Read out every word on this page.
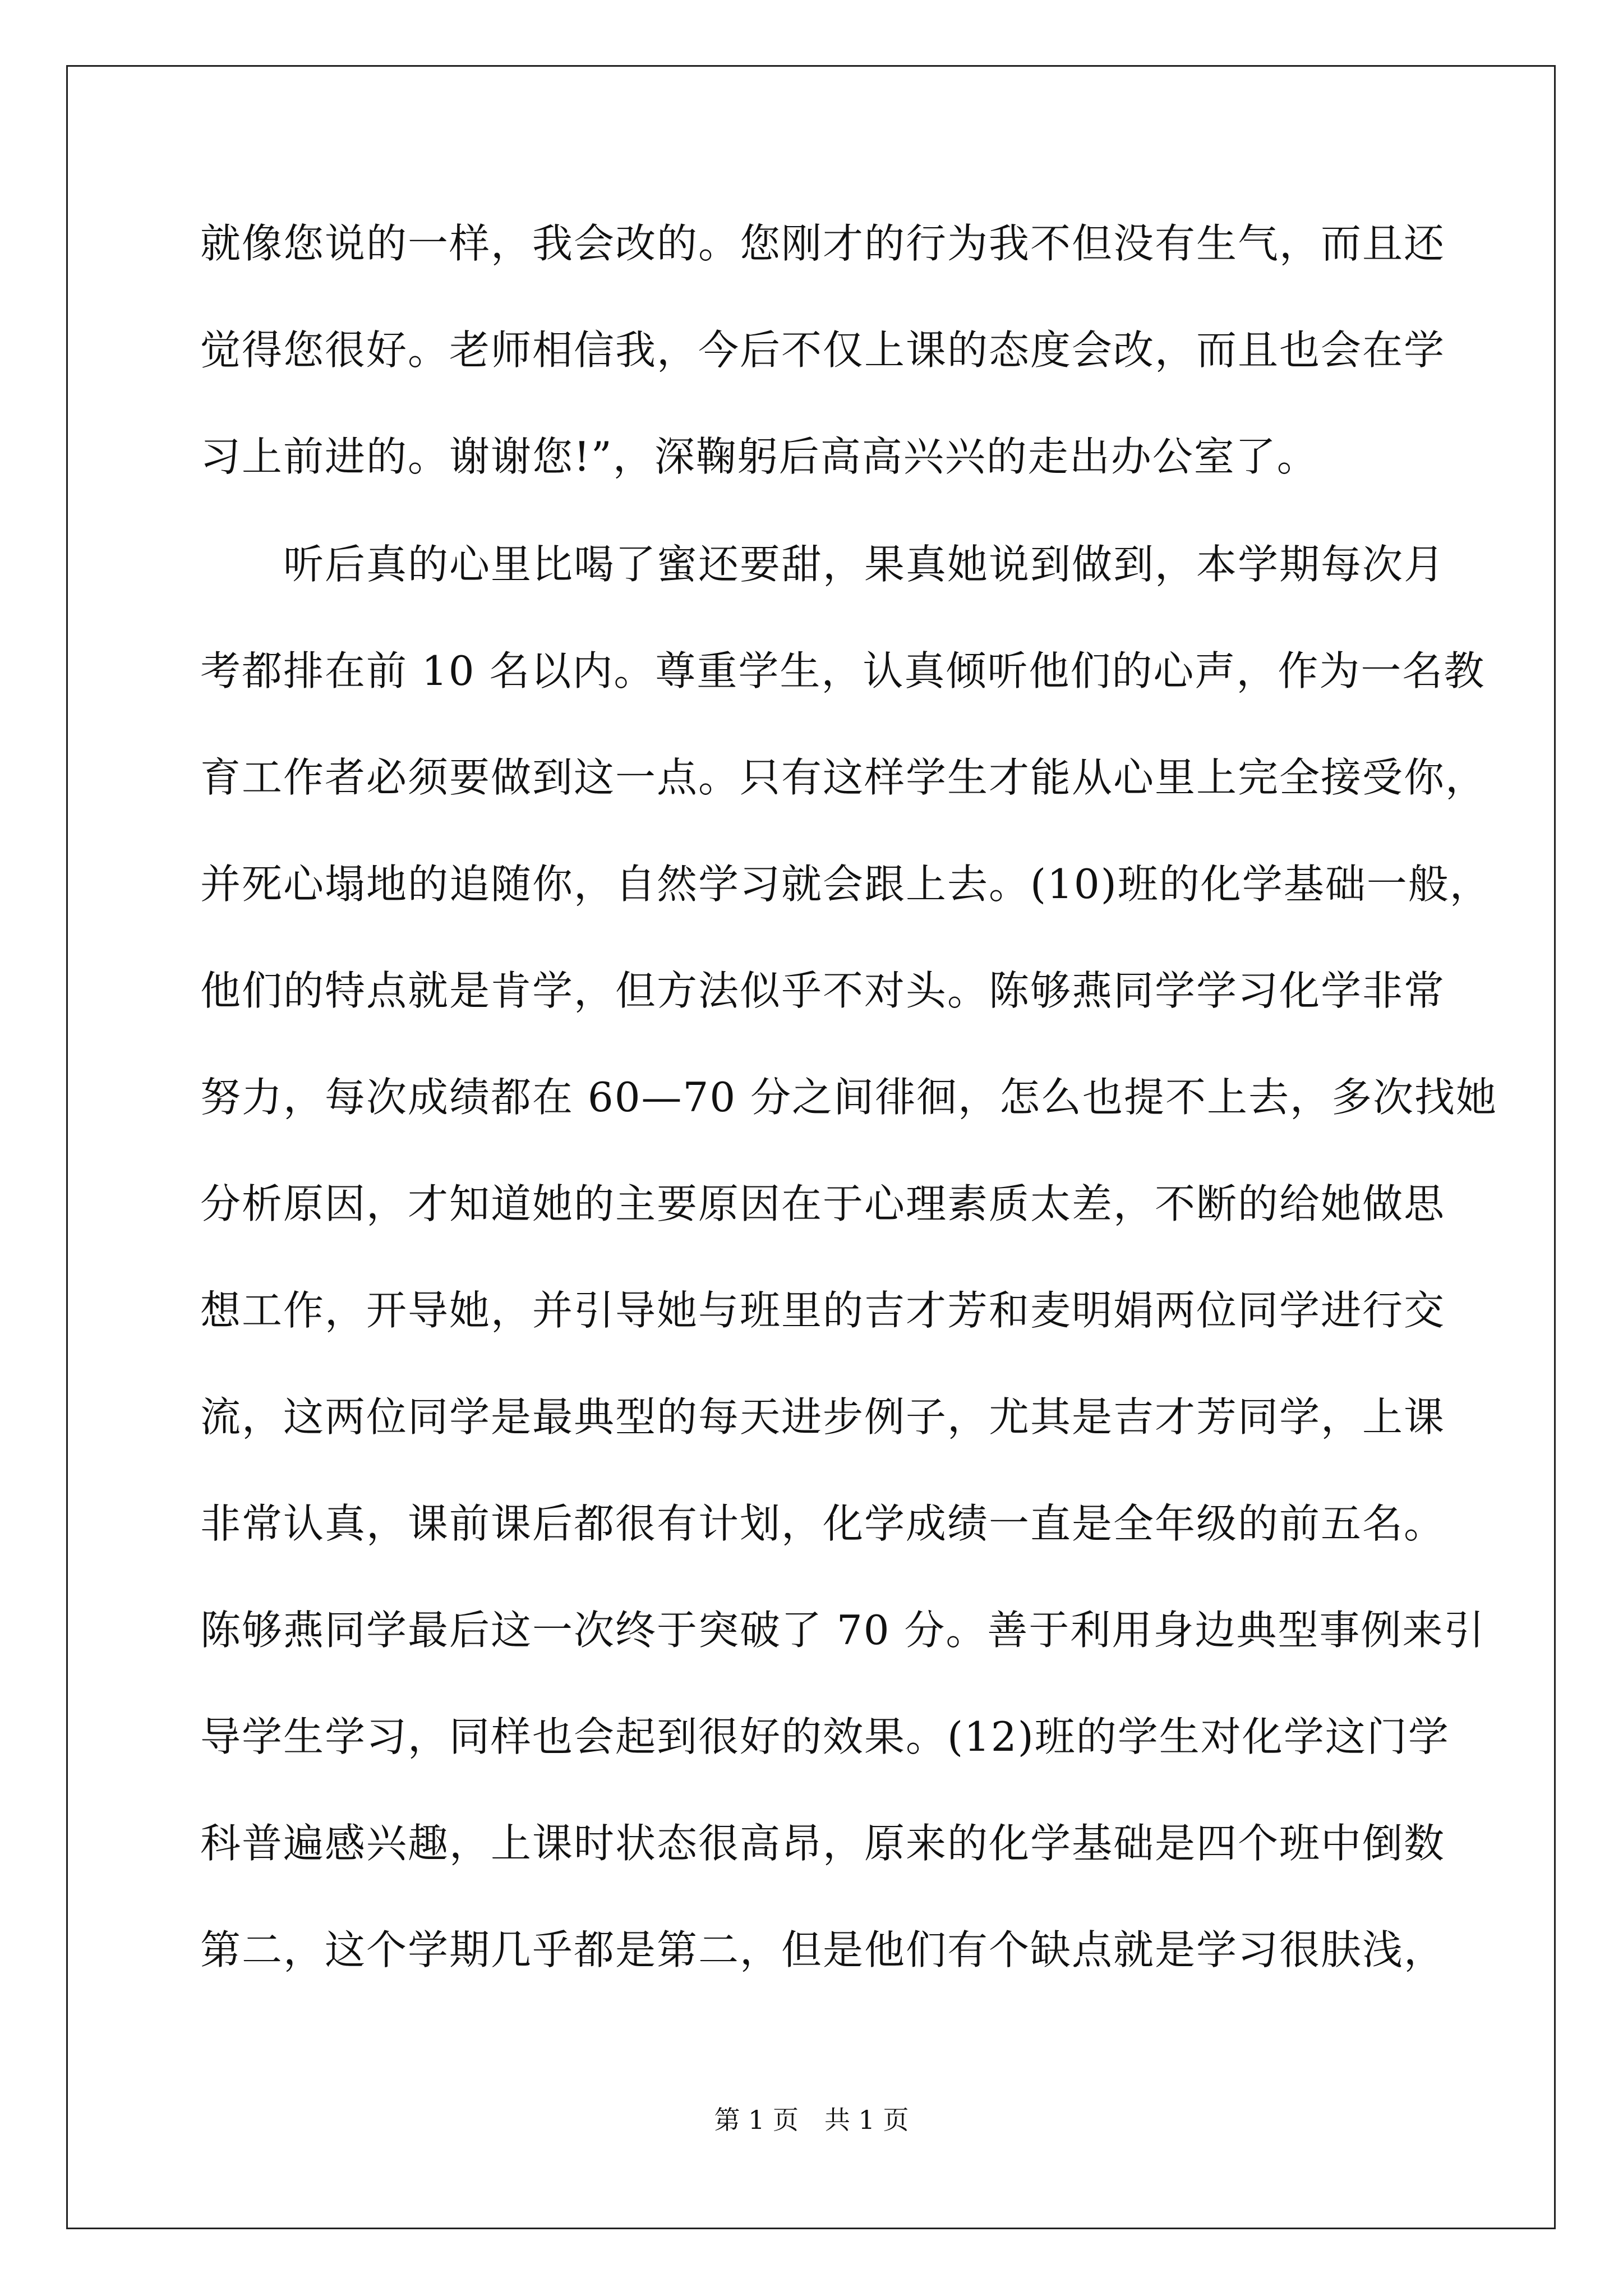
就像您说的一样，我会改的。您刚才的行为我不但没有生气，而且还
觉得您很好。老师相信我，今后不仅上课的态度会改，而且也会在学
习上前进的。谢谢您!”，深鞠躬后高高兴兴的走出办公室了。
　　听后真的心里比喝了蜜还要甜，果真她说到做到，本学期每次月
考都排在前 10 名以内。尊重学生，认真倾听他们的心声，作为一名教
育工作者必须要做到这一点。只有这样学生才能从心里上完全接受你，
并死心塌地的追随你，自然学习就会跟上去。(10)班的化学基础一般，
他们的特点就是肯学，但方法似乎不对头。陈够燕同学学习化学非常
努力，每次成绩都在 60—70 分之间徘徊，怎么也提不上去，多次找她
分析原因，才知道她的主要原因在于心理素质太差，不断的给她做思
想工作，开导她，并引导她与班里的吉才芳和麦明娟两位同学进行交
流，这两位同学是最典型的每天进步例子，尤其是吉才芳同学，上课
非常认真，课前课后都很有计划，化学成绩一直是全年级的前五名。
陈够燕同学最后这一次终于突破了 70 分。善于利用身边典型事例来引
导学生学习，同样也会起到很好的效果。(12)班的学生对化学这门学
科普遍感兴趣，上课时状态很高昂，原来的化学基础是四个班中倒数
第二，这个学期几乎都是第二，但是他们有个缺点就是学习很肤浅，
第 1 页　共 1 页
